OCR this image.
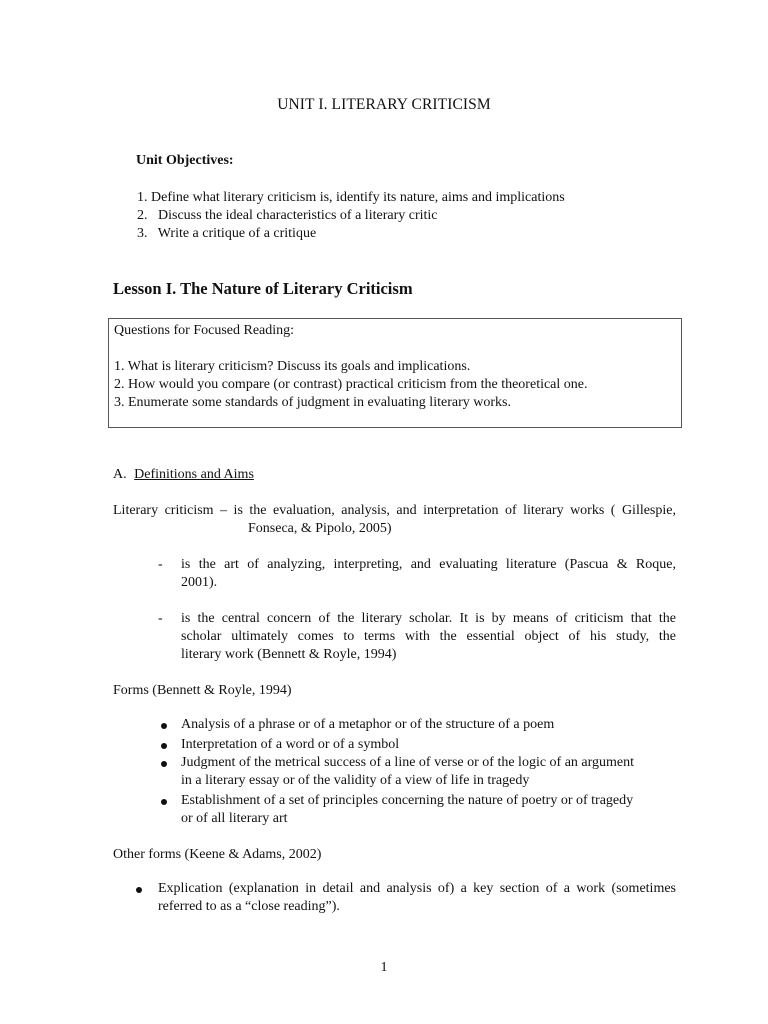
UNIT I. LITERARY CRITICISM
Unit Objectives:
1. Define what literary criticism is, identify its nature, aims and implications
2.   Discuss the ideal characteristics of a literary critic
3.   Write a critique of a critique
Lesson I. The Nature of Literary Criticism
Questions for Focused Reading:
1. What is literary criticism? Discuss its goals and implications.
2. How would you compare (or contrast) practical criticism from the theoretical one.
3. Enumerate some standards of judgment in evaluating literary works.
A. Definitions and Aims
Literary criticism – is the evaluation, analysis, and interpretation of literary works ( Gillespie,
Fonseca, & Pipolo, 2005)
- is the art of analyzing, interpreting, and evaluating literature (Pascua & Roque,
2001).
- is the central concern of the literary scholar. It is by means of criticism that the
scholar ultimately comes to terms with the essential object of his study, the
literary work (Bennett & Royle, 1994)
Forms (Bennett & Royle, 1994)
Analysis of a phrase or of a metaphor or of the structure of a poem
Interpretation of a word or of a symbol
Judgment of the metrical success of a line of verse or of the logic of an argument
in a literary essay or of the validity of a view of life in tragedy
Establishment of a set of principles concerning the nature of poetry or of tragedy
or of all literary art
Other forms (Keene & Adams, 2002)
Explication (explanation in detail and analysis of) a key section of a work (sometimes
referred to as a “close reading”).
1
